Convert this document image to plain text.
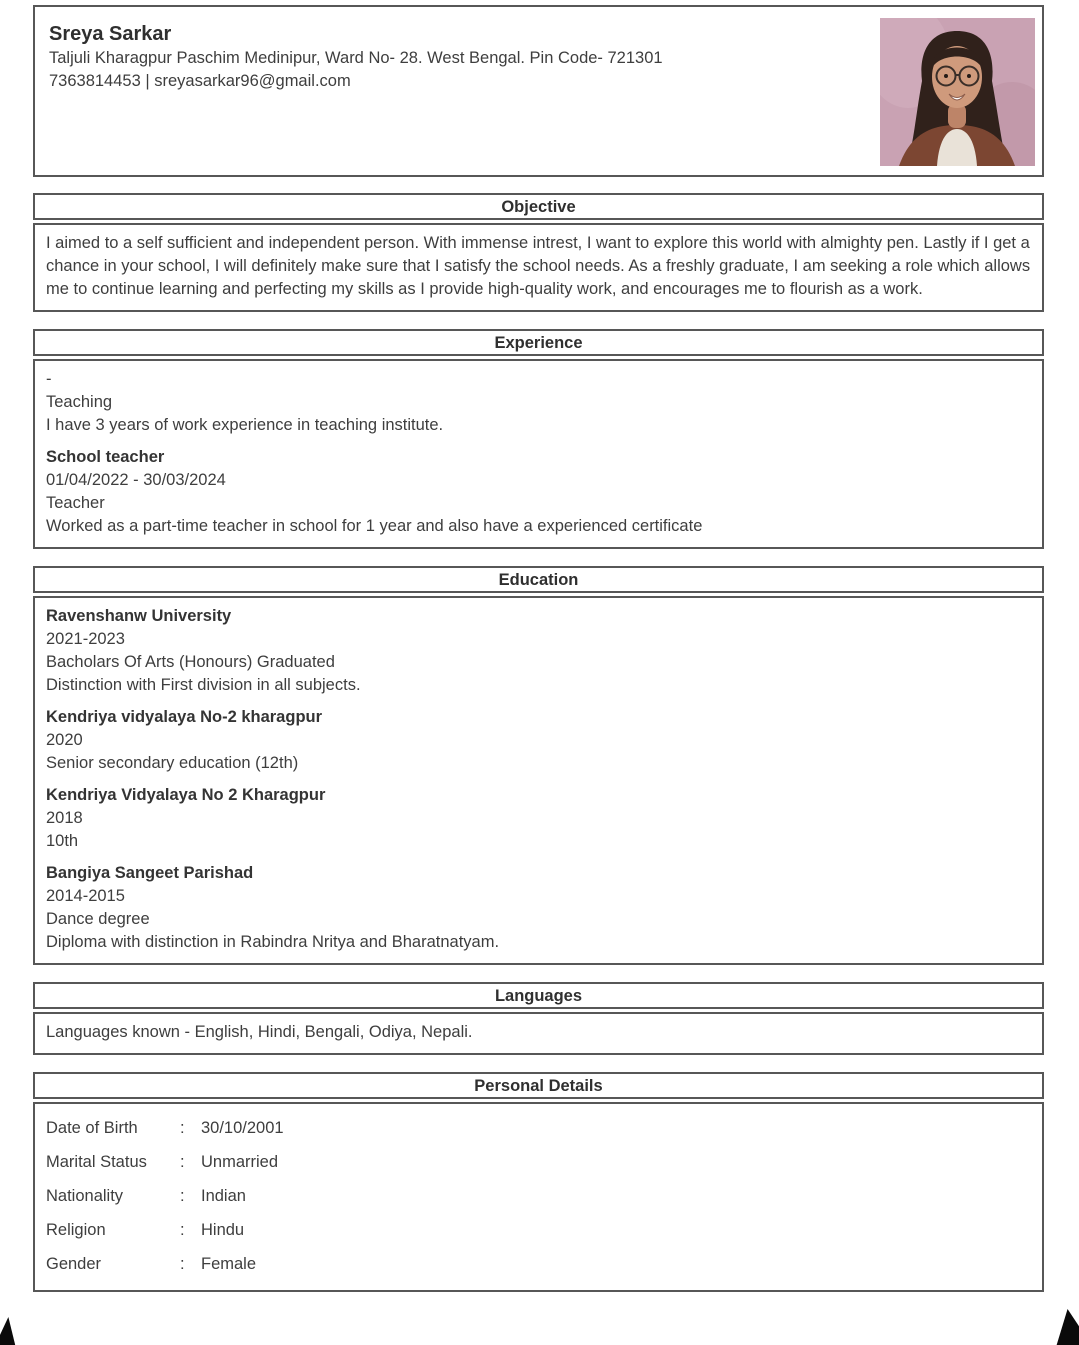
Sreya Sarkar
Taljuli Kharagpur Paschim Medinipur, Ward No- 28. West Bengal. Pin Code- 721301
7363814453 | sreyasarkar96@gmail.com
Objective
I aimed to a self sufficient and independent person. With immense intrest, I want to explore this world with almighty pen. Lastly if I get a chance in your school, I will definitely make sure that I satisfy the school needs. As a freshly graduate, I am seeking a role which allows me to continue learning and perfecting my skills as I provide high-quality work, and encourages me to flourish as a work.
Experience
-
Teaching
I have 3 years of work experience in teaching institute.
School teacher
01/04/2022 - 30/03/2024
Teacher
Worked as a part-time teacher in school for 1 year and also have a experienced certificate
Education
Ravenshanw University
2021-2023
Bacholars Of Arts (Honours) Graduated
Distinction with First division in all subjects.
Kendriya vidyalaya No-2 kharagpur
2020
Senior secondary education (12th)
Kendriya Vidyalaya No 2 Kharagpur
2018
10th
Bangiya Sangeet Parishad
2014-2015
Dance degree
Diploma with distinction in Rabindra Nritya and Bharatnatyam.
Languages
Languages known - English, Hindi, Bengali, Odiya, Nepali.
Personal Details
Date of Birth	: 30/10/2001
Marital Status	: Unmarried
Nationality	: Indian
Religion	: Hindu
Gender	: Female
